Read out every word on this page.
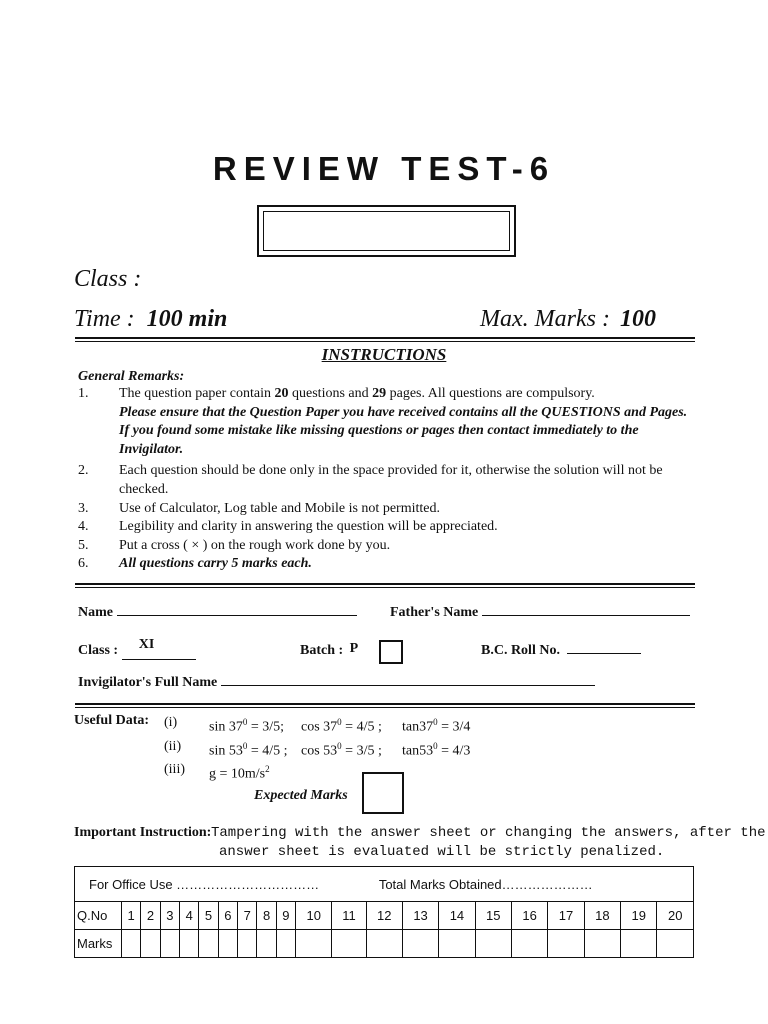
REVIEW TEST-6
Class :
Time : 100 min	Max. Marks : 100
INSTRUCTIONS
General Remarks:
1.	The question paper contain 20 questions and 29 pages. All questions are compulsory.
Please ensure that the Question Paper you have received contains all the QUESTIONS and Pages. If you found some mistake like missing questions or pages then contact immediately to the Invigilator.
2.	Each question should be done only in the space provided for it, otherwise the solution will not be checked.
3.	Use of Calculator, Log table and Mobile is not permitted.
4.	Legibility and clarity in answering the question will be appreciated.
5.	Put a cross ( × ) on the rough work done by you.
6.	All questions carry 5 marks each.
Name	Father's Name
Class : XI	Batch : P	B.C. Roll No.
Invigilator's Full Name
Useful Data: (i)	$\sin 37^0 = 3/5$;	$\cos 37^0 = 4/5$ ;	$\tan 37^0 = 3/4$
(ii)	$\sin 53^0 = 4/5$ ; $\cos 53^0 = 3/5$ ;	$\tan 53^0 = 4/3$
(iii)	$g = 10m/s^2$
Expected Marks
Important Instruction: Tampering with the answer sheet or changing the answers, after the
answer sheet is evaluated will be strictly penalized.
For Office Use …………………………… Total Marks Obtained…………………																				
Q.No	1	2	3	4	5	6	7	8	9	10	11	12	13	14	15	16	17	18	19	20
Marks																				
